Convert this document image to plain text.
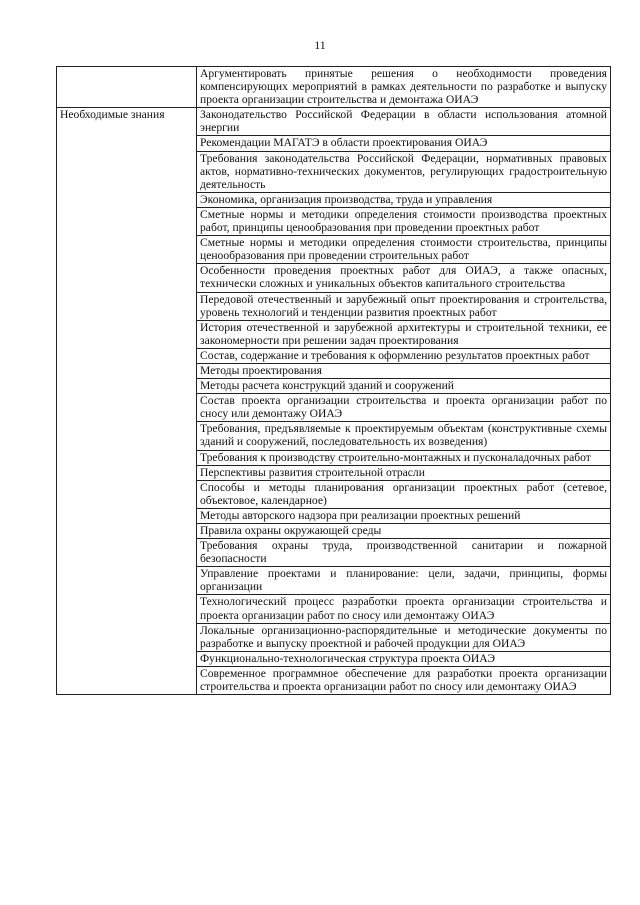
11
	Аргументировать принятые решения о необходимости проведения компенсирующих мероприятий в рамках деятельности по разработке и выпуску проекта организации строительства и демонтажа ОИАЭ
Необходимые знания	Законодательство Российской Федерации в области использования атомной энергии
	Рекомендации МАГАТЭ в области проектирования ОИАЭ
	Требования законодательства Российской Федерации, нормативных правовых актов, нормативно-технических документов, регулирующих градостроительную деятельность
	Экономика, организация производства, труда и управления
	Сметные нормы и методики определения стоимости производства проектных работ, принципы ценообразования при проведении проектных работ
	Сметные нормы и методики определения стоимости строительства, принципы ценообразования при проведении строительных работ
	Особенности проведения проектных работ для ОИАЭ, а также опасных, технически сложных и уникальных объектов капитального строительства
	Передовой отечественный и зарубежный опыт проектирования и строительства, уровень технологий и тенденции развития проектных работ
	История отечественной и зарубежной архитектуры и строительной техники, ее закономерности при решении задач проектирования
	Состав, содержание и требования к оформлению результатов проектных работ
	Методы проектирования
	Методы расчета конструкций зданий и сооружений
	Состав проекта организации строительства и проекта организации работ по сносу или демонтажу ОИАЭ
	Требования, предъявляемые к проектируемым объектам (конструктивные схемы зданий и сооружений, последовательность их возведения)
	Требования к производству строительно-монтажных и пусконаладочных работ
	Перспективы развития строительной отрасли
	Способы и методы планирования организации проектных работ (сетевое, объектовое, календарное)
	Методы авторского надзора при реализации проектных решений
	Правила охраны окружающей среды
	Требования охраны труда, производственной санитарии и пожарной безопасности
	Управление проектами и планирование: цели, задачи, принципы, формы организации
	Технологический процесс разработки проекта организации строительства и проекта организации работ по сносу или демонтажу ОИАЭ
	Локальные организационно-распорядительные и методические документы по разработке и выпуску проектной и рабочей продукции для ОИАЭ
	Функционально-технологическая структура проекта ОИАЭ
	Современное программное обеспечение для разработки проекта организации строительства и проекта организации работ по сносу или демонтажу ОИАЭ
